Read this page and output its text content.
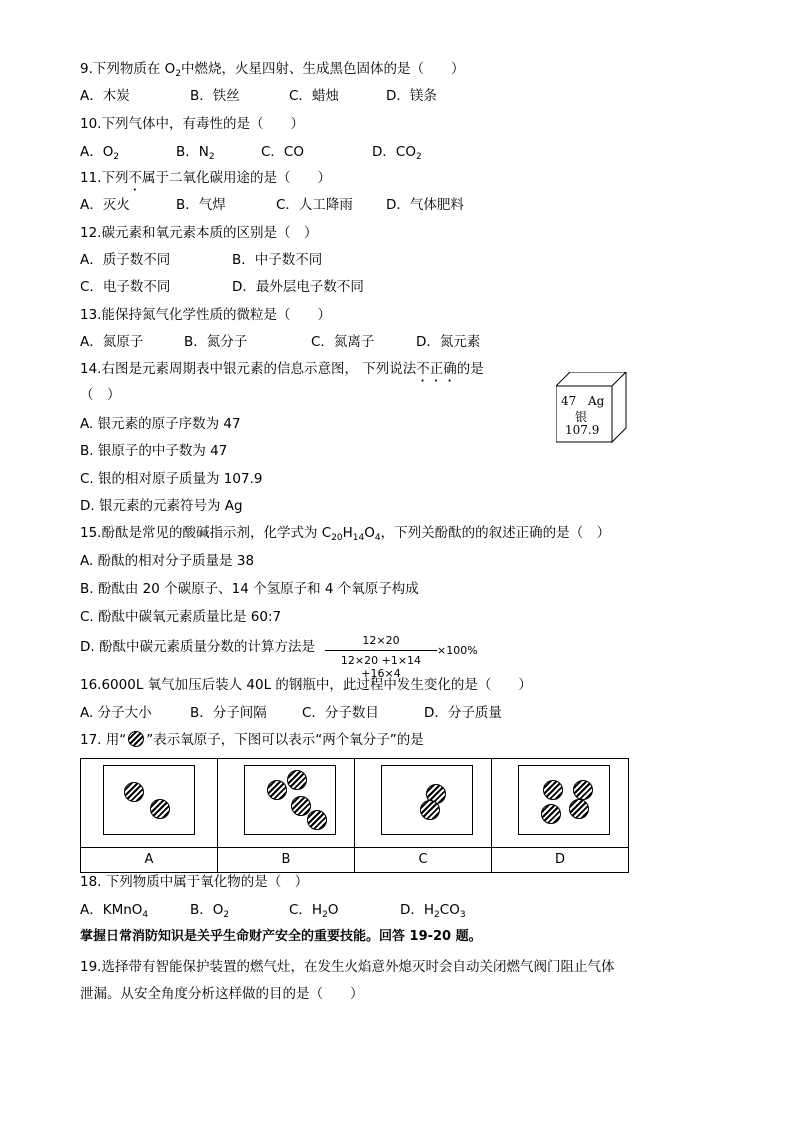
9.下列物质在 $O_2$中燃烧，火星四射、生成黑色固体的是（　　）
A．木炭	B．铁丝	C．蜡烛	D．镁条
10.下列气体中，有毒性的是（　　）
A．$O_2$	B．$N_2$	C．CO	D．$CO_2$
11.下列不属于二氧化碳用途的是（　　）
A．灭火	B．气焊	C．人工降雨 D．气体肥料
12.碳元素和氧元素本质的区别是（　）
A．质子数不同	B．中子数不同
C．电子数不同	D．最外层电子数不同
13.能保持氮气化学性质的微粒是（　　）
A．氮原子	B．氮分子	C．氮离子	D．氮元素
14.右图是元素周期表中银元素的信息示意图， 下列说法不正确的是
（　）
A. 银元素的原子序数为 47
B. 银原子的中子数为 47
C. 银的相对原子质量为 107.9
D. 银元素的元素符号为 Ag
47 Ag
银
107.9
15.酚酞是常见的酸碱指示剂，化学式为 $C_{20}H_{14}O_4$，下列关酚酞的的叙述正确的是（　）
A. 酚酞的相对分子质量是 38
B. 酚酞由 20 个碳原子、14 个氢原子和 4 个氧原子构成
C. 酚酞中碳氧元素质量比是 60:7
D. 酚酞中碳元素质量分数的计算方法是	12×20
12×20 +1×14 +16×4
×100%
16.6000L 氧气加压后装人 40L 的钢瓶中，此过程中发生变化的是（　　）
A. 分子大小	B．分子间隔	C．分子数目	D．分子质量
17. 用“ ”表示氧原子，下图可以表示“两个氧分子”的是

A	B	C	D
18. 下列物质中属于氧化物的是（　）
A．KMnO$_4$	B．$O_2$	C．$H_2O$	D．$H_2CO_3$
掌握日常消防知识是关乎生命财产安全的重要技能。回答 19-20 题。
19.选择带有智能保护装置的燃气灶，在发生火焰意外熄灭时会自动关闭燃气阀门阻止气体
泄漏。从安全角度分析这样做的目的是（　　）
